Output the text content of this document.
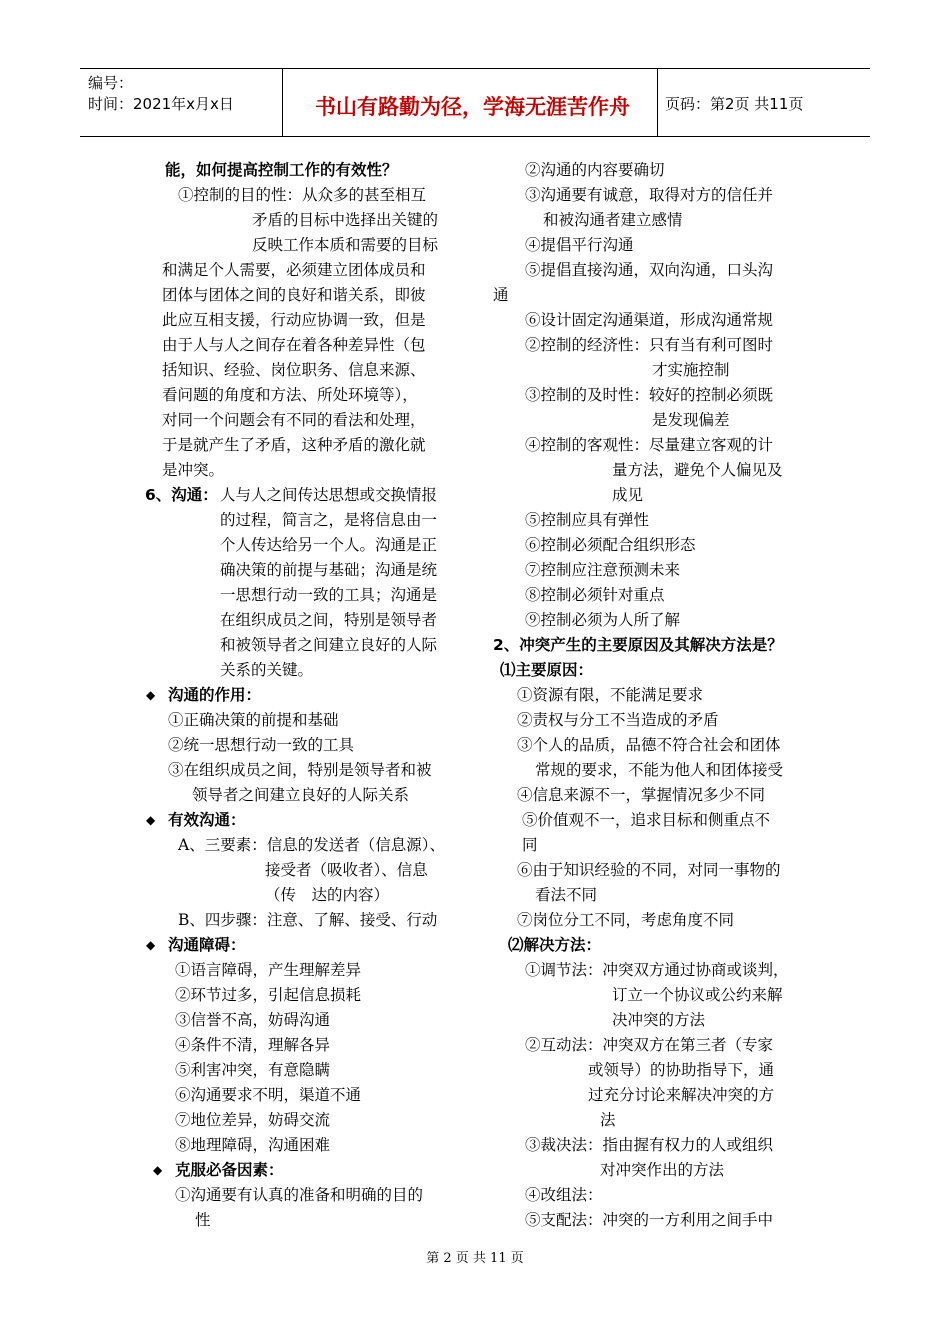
编号：
时间：2021年x月x日	书山有路勤为径，学海无涯苦作舟	页码：第2页 共11页
能，如何提高控制工作的有效性？
①控制的目的性：从众多的甚至相互
矛盾的目标中选择出关键的
反映工作本质和需要的目标
和满足个人需要，必须建立团体成员和
团体与团体之间的良好和谐关系，即彼
此应互相支援，行动应协调一致，但是
由于人与人之间存在着各种差异性（包
括知识、经验、岗位职务、信息来源、
看问题的角度和方法、所处环境等），
对同一个问题会有不同的看法和处理，
于是就产生了矛盾，这种矛盾的激化就
是冲突。
6、沟通： 人与人之间传达思想或交换情报
的过程，简言之，是将信息由一
个人传达给另一个人。沟通是正
确决策的前提与基础；沟通是统
一思想行动一致的工具；沟通是
在组织成员之间，特别是领导者
和被领导者之间建立良好的人际
关系的关键。
◆ 沟通的作用：
①正确决策的前提和基础
②统一思想行动一致的工具
③在组织成员之间，特别是领导者和被
领导者之间建立良好的人际关系
◆ 有效沟通：
A、三要素：信息的发送者（信息源）、
接受者（吸收者）、信息
（传　达的内容）
B、四步骤：注意、了解、接受、行动
◆ 沟通障碍：
①语言障碍，产生理解差异
②环节过多，引起信息损耗
③信誉不高，妨碍沟通
④条件不清，理解各异
⑤利害冲突，有意隐瞒
⑥沟通要求不明，渠道不通
⑦地位差异，妨碍交流
⑧地理障碍，沟通困难
◆ 克服必备因素：
①沟通要有认真的准备和明确的目的
性
②沟通的内容要确切
③沟通要有诚意，取得对方的信任并
和被沟通者建立感情
④提倡平行沟通
⑤提倡直接沟通，双向沟通，口头沟
通
⑥设计固定沟通渠道，形成沟通常规
②控制的经济性：只有当有利可图时
才实施控制
③控制的及时性：较好的控制必须既
是发现偏差
④控制的客观性：尽量建立客观的计
量方法，避免个人偏见及
成见
⑤控制应具有弹性
⑥控制必须配合组织形态
⑦控制应注意预测未来
⑧控制必须针对重点
⑨控制必须为人所了解
2、冲突产生的主要原因及其解决方法是？
⑴主要原因：
①资源有限，不能满足要求
②责权与分工不当造成的矛盾
③个人的品质，品德不符合社会和团体
常规的要求，不能为他人和团体接受
④信息来源不一，掌握情况多少不同
⑤价值观不一，追求目标和侧重点不
同
⑥由于知识经验的不同，对同一事物的
看法不同
⑦岗位分工不同，考虑角度不同
⑵解决方法：
①调节法：冲突双方通过协商或谈判，
订立一个协议或公约来解
决冲突的方法
②互动法：冲突双方在第三者（专家
或领导）的协助指导下，通
过充分讨论来解决冲突的方
法
③裁决法：指由握有权力的人或组织
对冲突作出的方法
④改组法：
⑤支配法：冲突的一方利用之间手中
第 2 页 共 11 页
